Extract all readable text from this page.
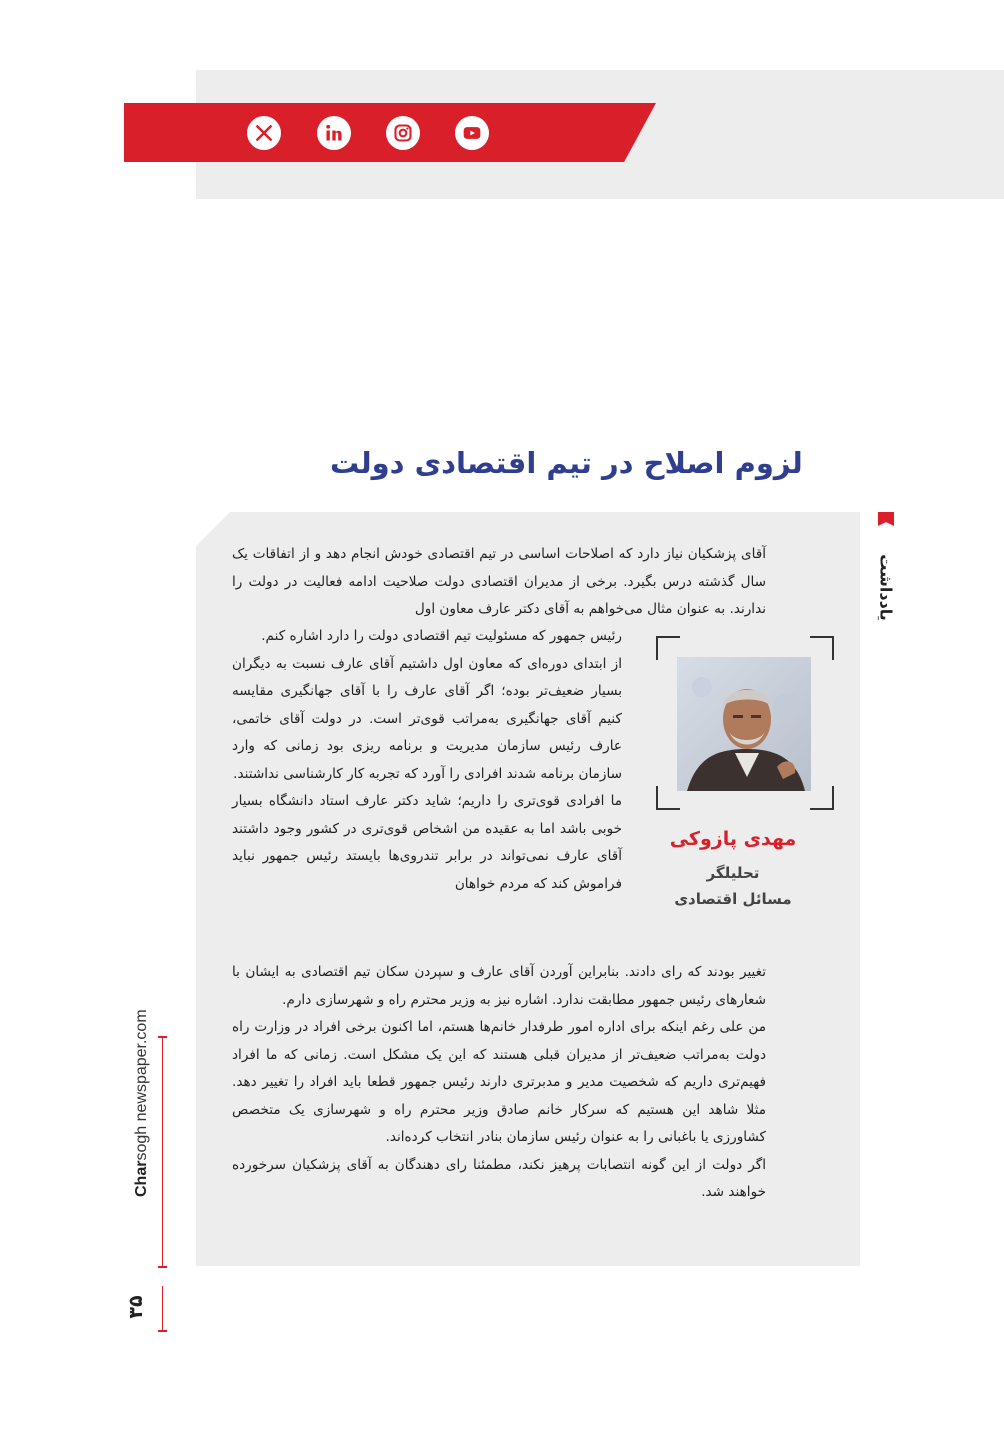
لزوم اصلاح در تیم اقتصادی دولت
یادداشت

آقای پزشکیان نیاز دارد که اصلاحات اساسی در تیم اقتصادی خودش انجام دهد و از اتفاقات یک سال گذشته درس بگیرد. برخی از مدیران اقتصادی دولت صلاحیت ادامه فعالیت در دولت را ندارند. به عنوان مثال می‌خواهم به آقای دکتر عارف معاون اول

رئیس جمهور که مسئولیت تیم اقتصادی دولت را دارد اشاره کنم.
از ابتدای دوره‌ای که معاون اول داشتیم آقای عارف نسبت به دیگران بسیار ضعیف‌تر بوده؛ اگر آقای عارف را با آقای جهانگیری مقایسه کنیم آقای جهانگیری به‌مراتب قوی‌تر است. در دولت آقای خاتمی، عارف رئیس سازمان مدیریت و برنامه ریزی بود زمانی که وارد سازمان برنامه شدند افرادی را آورد که تجربه کار کارشناسی نداشتند.
ما افرادی قوی‌تری را داریم؛ شاید دکتر عارف استاد دانشگاه بسیار خوبی باشد اما به عقیده من اشخاص قوی‌تری در کشور وجود داشتند آقای عارف نمی‌تواند در برابر تندروی‌ها بایستد رئیس جمهور نباید فراموش کند که مردم خواهان
تغییر بودند که رای دادند. بنابراین آوردن آقای عارف و سپردن سکان تیم اقتصادی به ایشان با شعارهای رئیس جمهور مطابقت ندارد. اشاره نیز به وزیر محترم راه و شهرسازی دارم.
من علی رغم اینکه برای اداره امور طرفدار خانم‌ها هستم، اما اکنون برخی افراد در وزارت راه دولت به‌مراتب ضعیف‌تر از مدیران قبلی هستند که این یک مشکل است. زمانی که ما افراد فهیم‌تری داریم که شخصیت مدیر و مدبرتری دارند رئیس جمهور قطعا باید افراد را تغییر دهد. مثلا شاهد این هستیم که سرکار خانم صادق وزیر محترم راه و شهرسازی یک متخصص کشاورزی یا باغبانی را به عنوان رئیس سازمان بنادر انتخاب کرده‌اند.
اگر دولت از این گونه انتصابات پرهیز نکند، مطمئنا رای دهندگان به آقای پزشکیان سرخورده خواهند شد.
مهدی پازوکی
تحلیلگر
مسائل اقتصادی
Charsogh newspaper.com
۳۵
